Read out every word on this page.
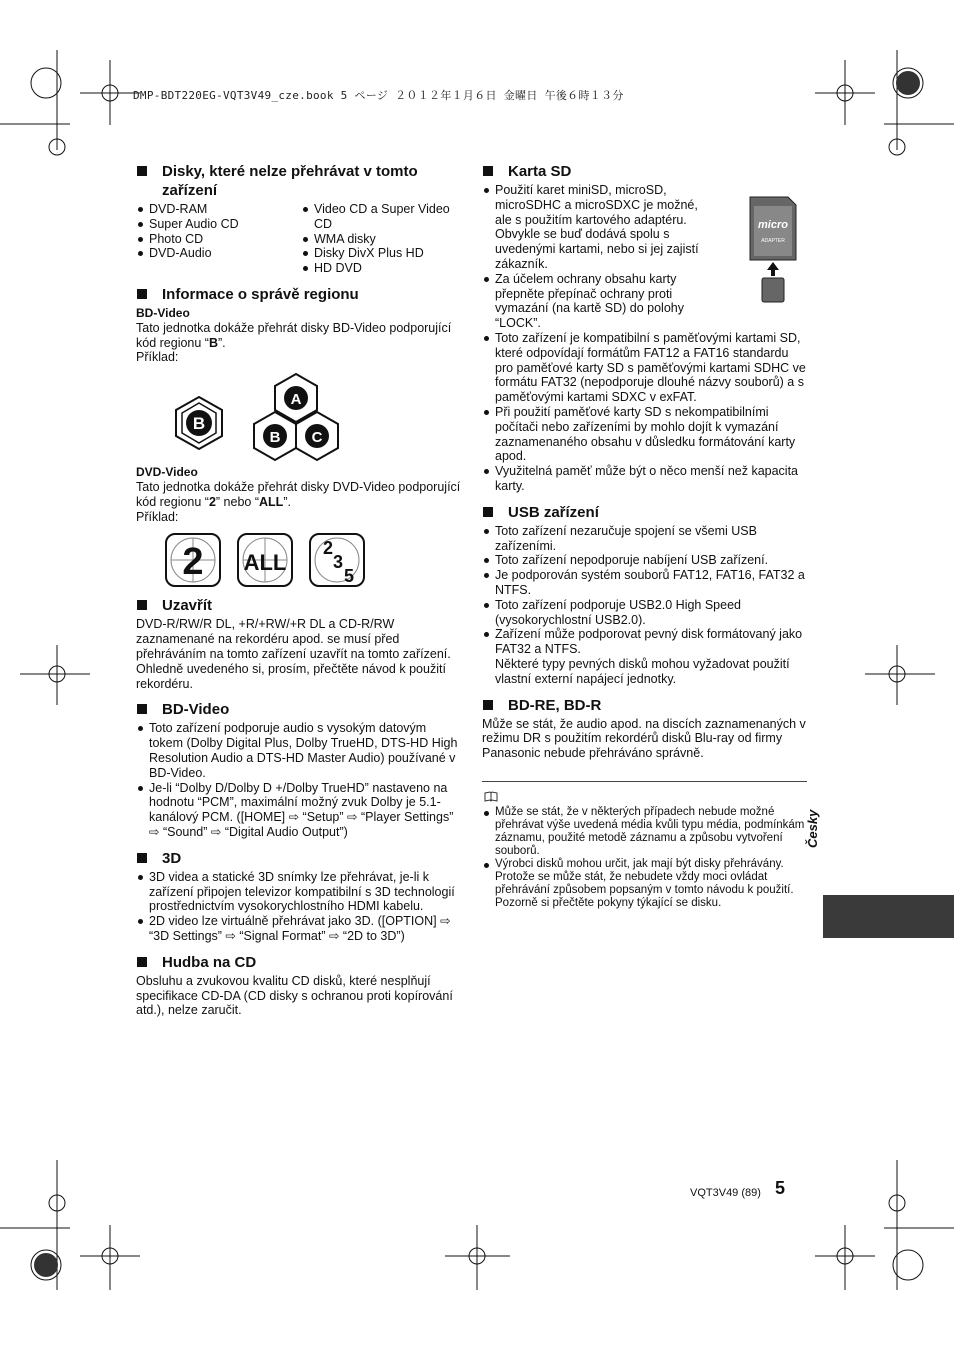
DMP-BDT220EG-VQT3V49_cze.book 5 ページ ２０１２年１月６日 金曜日 午後６時１３分
Disky, které nelze přehrávat v tomto zařízení
DVD-RAM
Super Audio CD
Photo CD
DVD-Audio
Video CD a Super Video CD
WMA disky
Disky DivX Plus HD
HD DVD
Informace o správě regionu

BD-Video

Tato jednotka dokáže přehrát disky BD-Video podporující kód regionu “B”.

Příklad:

B
A
B C

DVD-Video

Tato jednotka dokáže přehrát disky DVD-Video podporující kód regionu “2” nebo “ALL”.

Příklad:

2 ALL
2
3
5
Uzavřít

DVD-R/RW/R DL, +R/+RW/+R DL a CD-R/RW zaznamenané na rekordéru apod. se musí před přehráváním na tomto zařízení uzavřít na tomto zařízení. Ohledně uvedeného si, prosím, přečtěte návod k použití rekordéru.

BD-Video
Toto zařízení podporuje audio s vysokým datovým tokem (Dolby Digital Plus, Dolby TrueHD, DTS-HD High Resolution Audio a DTS-HD Master Audio) používané v BD-Video.
Je-li “Dolby D/Dolby D +/Dolby TrueHD” nastaveno na hodnotu “PCM”, maximální možný zvuk Dolby je 5.1-kanálový PCM. ([HOME] ⇨ “Setup” ⇨ “Player Settings” ⇨ “Sound” ⇨ “Digital Audio Output”)
3D
3D videa a statické 3D snímky lze přehrávat, je-li k zařízení připojen televizor kompatibilní s 3D technologií prostřednictvím vysokorychlostního HDMI kabelu.
2D video lze virtuálně přehrávat jako 3D. ([OPTION] ⇨ “3D Settings” ⇨ “Signal Format” ⇨ “2D to 3D”)
Hudba na CD

Obsluhu a zvukovou kvalitu CD disků, které nesplňují specifikace CD-DA (CD disky s ochranou proti kopírování atd.), nelze zaručit.

Karta SD
micro
ADAPTER
Použití karet miniSD, microSD, microSDHC a microSDXC je možné, ale s použitím kartového adaptéru. Obvykle se buď dodává spolu s uvedenými kartami, nebo si jej zajistí zákazník.
Za účelem ochrany obsahu karty přepněte přepínač ochrany proti vymazání (na kartě SD) do polohy “LOCK”.
Toto zařízení je kompatibilní s paměťovými kartami SD, které odpovídají formátům FAT12 a FAT16 standardu pro paměťové karty SD s paměťovými kartami SDHC ve formátu FAT32 (nepodporuje dlouhé názvy souborů) a s paměťovými kartami SDXC v exFAT.
Při použití paměťové karty SD s nekompatibilními počítači nebo zařízeními by mohlo dojít k vymazání zaznamenaného obsahu v důsledku formátování karty apod.
Využitelná paměť může být o něco menší než kapacita karty.
USB zařízení
Toto zařízení nezaručuje spojení se všemi USB zařízeními.
Toto zařízení nepodporuje nabíjení USB zařízení.
Je podporován systém souborů FAT12, FAT16, FAT32 a NTFS.
Toto zařízení podporuje USB2.0 High Speed (vysokorychlostní USB2.0).
Zařízení může podporovat pevný disk formátovaný jako FAT32 a NTFS.

Některé typy pevných disků mohou vyžadovat použití vlastní externí napájecí jednotky.

BD-RE, BD-R

Může se stát, že audio apod. na discích zaznamenaných v režimu DR s použitím rekordérů disků Blu-ray od firmy Panasonic nebude přehráváno správně.

Může se stát, že v některých případech nebude možné přehrávat výše uvedená média kvůli typu média, podmínkám záznamu, použité metodě záznamu a způsobu vytvoření souborů.
Výrobci disků mohou určit, jak mají být disky přehrávány. Protože se může stát, že nebudete vždy moci ovládat přehrávání způsobem popsaným v tomto návodu k použití. Pozorně si přečtěte pokyny týkající se disku.
Česky
VQT3V49 (89) 5
